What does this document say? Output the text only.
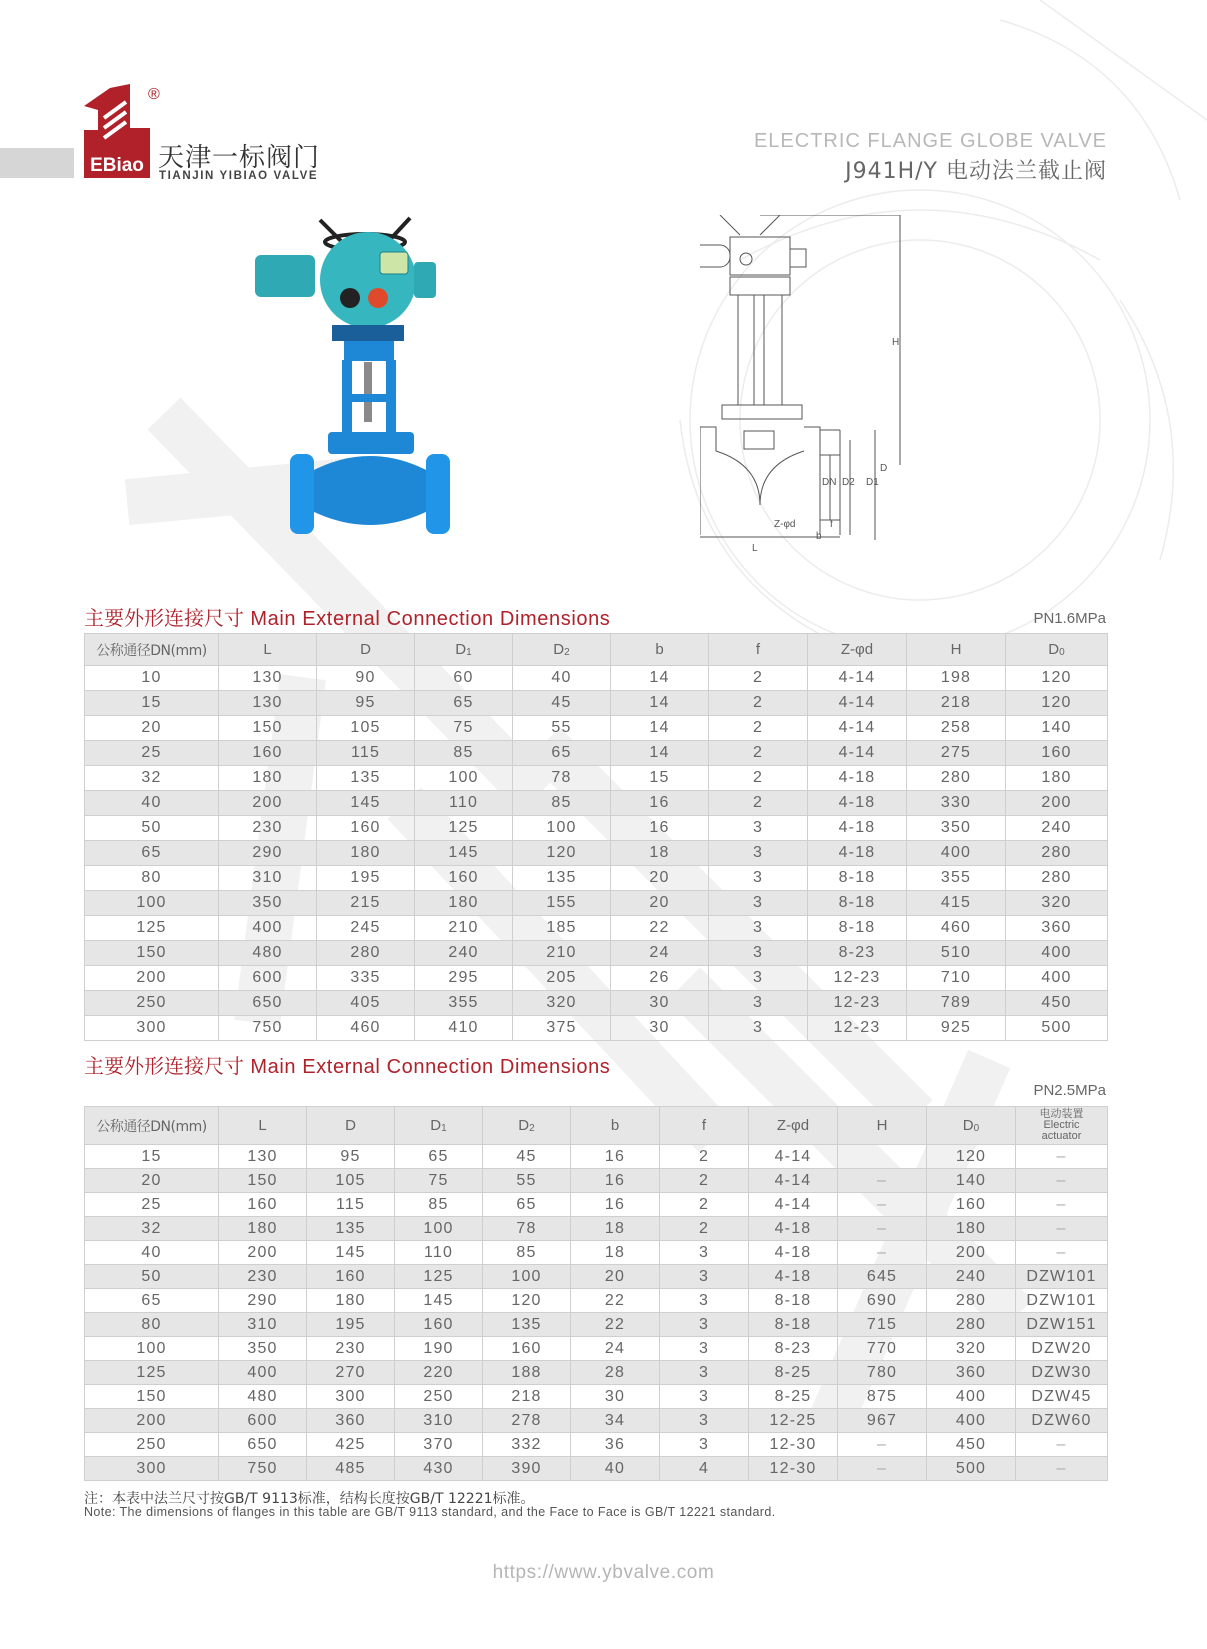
®
EBiao 天津一标阀门
TIANJIN YIBIAO VALVE
ELECTRIC FLANGE GLOBE VALVE
J941H/Y 电动法兰截止阀
H
DN D2 D1
D
L
Z-φd
b
f
主要外形连接尺寸 Main External Connection Dimensions	PN1.6MPa
公称通径DN(mm)	L	D	$D_1$	$D_2$	b	f	Z-φd	H	$D_0$
10	130	90	60	40	14	2	4-14	198	120
15	130	95	65	45	14	2	4-14	218	120
20	150	105	75	55	14	2	4-14	258	140
25	160	115	85	65	14	2	4-14	275	160
32	180	135	100	78	15	2	4-18	280	180
40	200	145	110	85	16	2	4-18	330	200
50	230	160	125	100	16	3	4-18	350	240
65	290	180	145	120	18	3	4-18	400	280
80	310	195	160	135	20	3	8-18	355	280
100	350	215	180	155	20	3	8-18	415	320
125	400	245	210	185	22	3	8-18	460	360
150	480	280	240	210	24	3	8-23	510	400
200	600	335	295	205	26	3	12-23	710	400
250	650	405	355	320	30	3	12-23	789	450
300	750	460	410	375	30	3	12-23	925	500
主要外形连接尺寸 Main External Connection Dimensions
PN2.5MPa
公称通径DN(mm)	L	D	$D_1$	$D_2$	b	f	Z-φd	H	$D_0$	电动装置
Electric
actuator

15	130	95	65	45	16	2	4-14		120	–
20	150	105	75	55	16	2	4-14	–	140	–
25	160	115	85	65	16	2	4-14	–	160	–
32	180	135	100	78	18	2	4-18	–	180	–
40	200	145	110	85	18	3	4-18	–	200	–
50	230	160	125	100	20	3	4-18	645	240	DZW101
65	290	180	145	120	22	3	8-18	690	280	DZW101
80	310	195	160	135	22	3	8-18	715	280	DZW151
100	350	230	190	160	24	3	8-23	770	320	DZW20
125	400	270	220	188	28	3	8-25	780	360	DZW30
150	480	300	250	218	30	3	8-25	875	400	DZW45
200	600	360	310	278	34	3	12-25	967	400	DZW60
250	650	425	370	332	36	3	12-30	–	450	–
300	750	485	430	390	40	4	12-30	–	500	–
注：本表中法兰尺寸按GB/T 9113标准，结构长度按GB/T 12221标准。
Note: The dimensions of flanges in this table are GB/T 9113 standard, and the Face to Face is GB/T 12221 standard.
https://www.ybvalve.com
